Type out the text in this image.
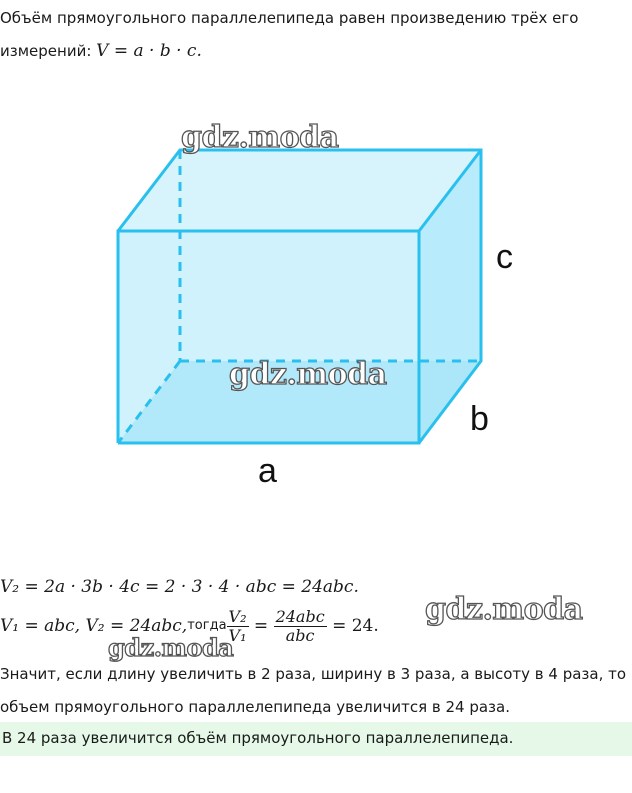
Объём прямоугольного параллелепипеда равен произведению трёх его
измерений: V = a · b · c.
a
b
c
gdz.moda
gdz.moda
gdz.moda
gdz.moda
V₂ = 2a · 3b · 4c = 2 · 3 · 4 · abc = 24abc.
V₁ = abc, V₂ = 24abc, тогда $\frac{\text{V₂}}{\text{V₁}} = \frac{\text{24abc}}{\text{abc}} = 24$.
Значит, если длину увеличить в 2 раза, ширину в 3 раза, а высоту в 4 раза, то
объем прямоугольного параллелепипеда увеличится в 24 раза.
В 24 раза увеличится объём прямоугольного параллелепипеда.
